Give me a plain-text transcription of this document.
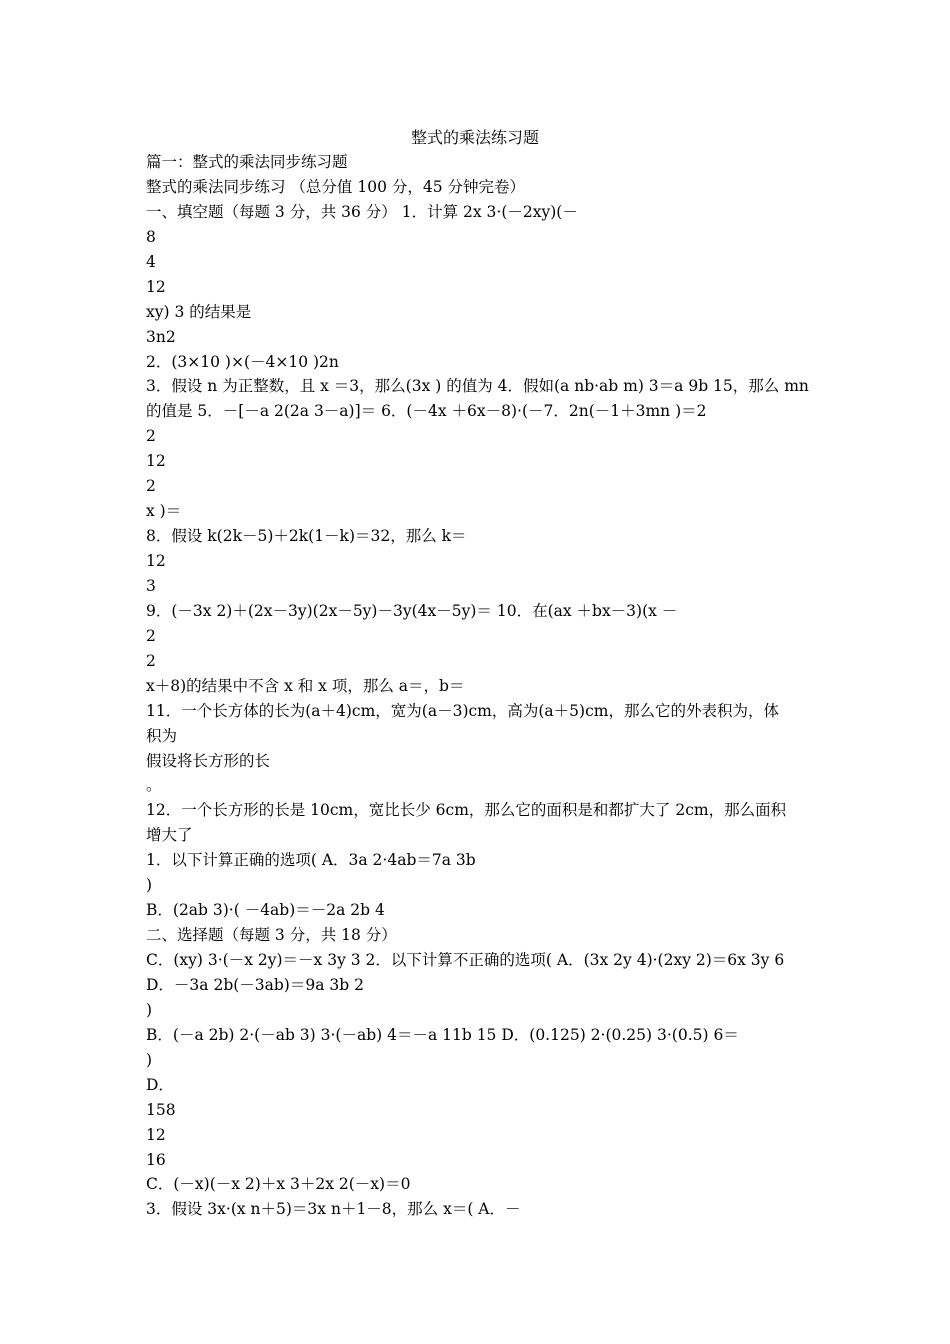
整式的乘法练习题
篇一：整式的乘法同步练习题
整式的乘法同步练习 （总分值 100 分，45 分钟完卷）
一、填空题（每题 3 分，共 36 分） 1．计算 2x 3·(－2xy)(－
8
4
12
xy) 3 的结果是
3n2
2．(3×10 )×(－4×10 )2n
3．假设 n 为正整数，且 x ＝3，那么(3x ) 的值为 4．假如(a nb·ab m) 3＝a 9b 15，那么 mn
的值是 5．－[－a 2(2a 3－a)]＝ 6．(－4x ＋6x－8)·(－7．2n(－1＋3mn )＝2
2
12
2
x )＝
8．假设 k(2k－5)＋2k(1－k)＝32，那么 k＝
12
3
9．(－3x 2)＋(2x－3y)(2x－5y)－3y(4x－5y)＝ 10．在(ax ＋bx－3)(x －
2
2
x＋8)的结果中不含 x 和 x 项，那么 a＝，b＝
11．一个长方体的长为(a＋4)cm，宽为(a－3)cm，高为(a＋5)cm，那么它的外表积为，体
积为
假设将长方形的长
。
12．一个长方形的长是 10cm，宽比长少 6cm，那么它的面积是和都扩大了 2cm，那么面积
增大了
1．以下计算正确的选项( A．3a 2·4ab＝7a 3b
)
B．(2ab 3)·( －4ab)＝－2a 2b 4
二、选择题（每题 3 分，共 18 分）
C．(xy) 3·(－x 2y)＝－x 3y 3 2．以下计算不正确的选项( A．(3x 2y 4)·(2xy 2)＝6x 3y 6
D．－3a 2b(－3ab)＝9a 3b 2
)
B．(－a 2b) 2·(－ab 3) 3·(－ab) 4＝－a 11b 15 D．(0.125) 2·(0.25) 3·(0.5) 6＝
)
D．
158
12
16
C．(－x)(－x 2)＋x 3＋2x 2(－x)＝0
3．假设 3x·(x n＋5)＝3x n＋1－8，那么 x＝( A．－
